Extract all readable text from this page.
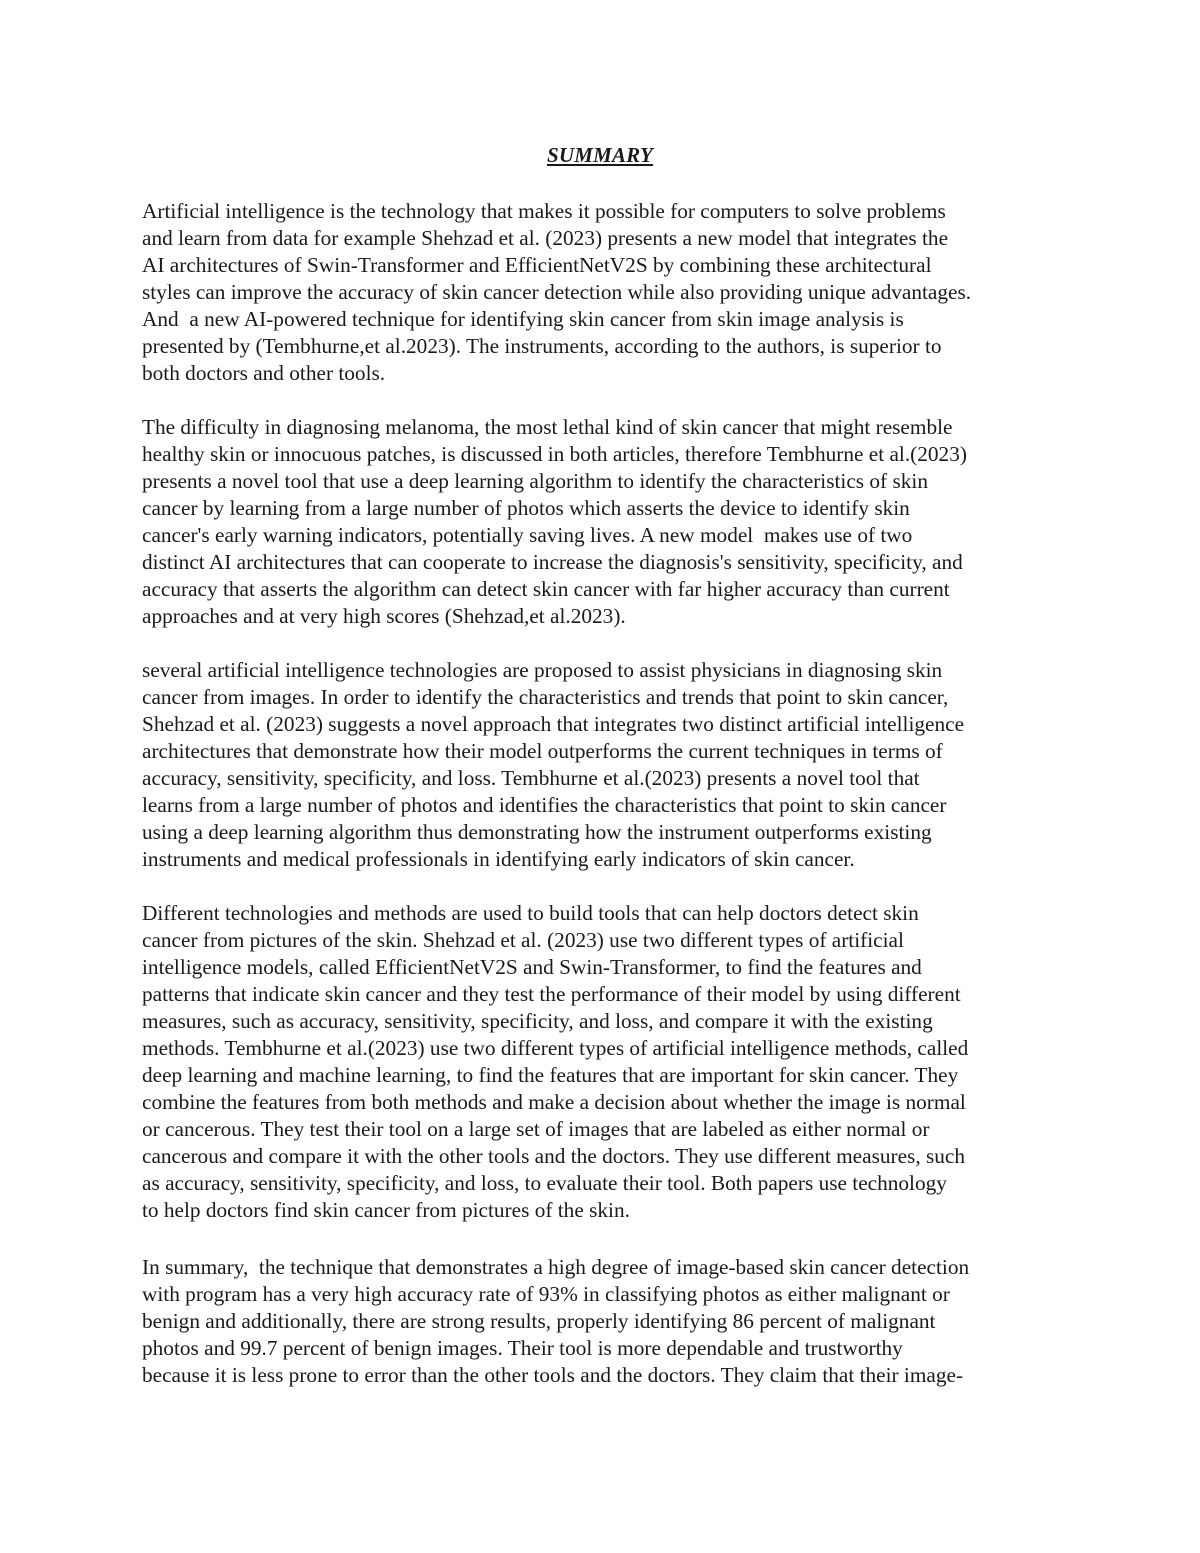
SUMMARY
Artificial intelligence is the technology that makes it possible for computers to solve problems
and learn from data for example Shehzad et al. (2023) presents a new model that integrates the
AI architectures of Swin-Transformer and EfficientNetV2S by combining these architectural
styles can improve the accuracy of skin cancer detection while also providing unique advantages.
And  a new AI-powered technique for identifying skin cancer from skin image analysis is
presented by (Tembhurne,et al.2023). The instruments, according to the authors, is superior to
both doctors and other tools.
The difficulty in diagnosing melanoma, the most lethal kind of skin cancer that might resemble
healthy skin or innocuous patches, is discussed in both articles, therefore Tembhurne et al.(2023)
presents a novel tool that use a deep learning algorithm to identify the characteristics of skin
cancer by learning from a large number of photos which asserts the device to identify skin
cancer's early warning indicators, potentially saving lives. A new model  makes use of two
distinct AI architectures that can cooperate to increase the diagnosis's sensitivity, specificity, and
accuracy that asserts the algorithm can detect skin cancer with far higher accuracy than current
approaches and at very high scores (Shehzad,et al.2023).
several artificial intelligence technologies are proposed to assist physicians in diagnosing skin
cancer from images. In order to identify the characteristics and trends that point to skin cancer,
Shehzad et al. (2023) suggests a novel approach that integrates two distinct artificial intelligence
architectures that demonstrate how their model outperforms the current techniques in terms of
accuracy, sensitivity, specificity, and loss. Tembhurne et al.(2023) presents a novel tool that
learns from a large number of photos and identifies the characteristics that point to skin cancer
using a deep learning algorithm thus demonstrating how the instrument outperforms existing
instruments and medical professionals in identifying early indicators of skin cancer.
Different technologies and methods are used to build tools that can help doctors detect skin
cancer from pictures of the skin. Shehzad et al. (2023) use two different types of artificial
intelligence models, called EfficientNetV2S and Swin-Transformer, to find the features and
patterns that indicate skin cancer and they test the performance of their model by using different
measures, such as accuracy, sensitivity, specificity, and loss, and compare it with the existing
methods. Tembhurne et al.(2023) use two different types of artificial intelligence methods, called
deep learning and machine learning, to find the features that are important for skin cancer. They
combine the features from both methods and make a decision about whether the image is normal
or cancerous. They test their tool on a large set of images that are labeled as either normal or
cancerous and compare it with the other tools and the doctors. They use different measures, such
as accuracy, sensitivity, specificity, and loss, to evaluate their tool. Both papers use technology
to help doctors find skin cancer from pictures of the skin.
In summary,  the technique that demonstrates a high degree of image-based skin cancer detection
with program has a very high accuracy rate of 93% in classifying photos as either malignant or
benign and additionally, there are strong results, properly identifying 86 percent of malignant
photos and 99.7 percent of benign images. Their tool is more dependable and trustworthy
because it is less prone to error than the other tools and the doctors. They claim that their image-
